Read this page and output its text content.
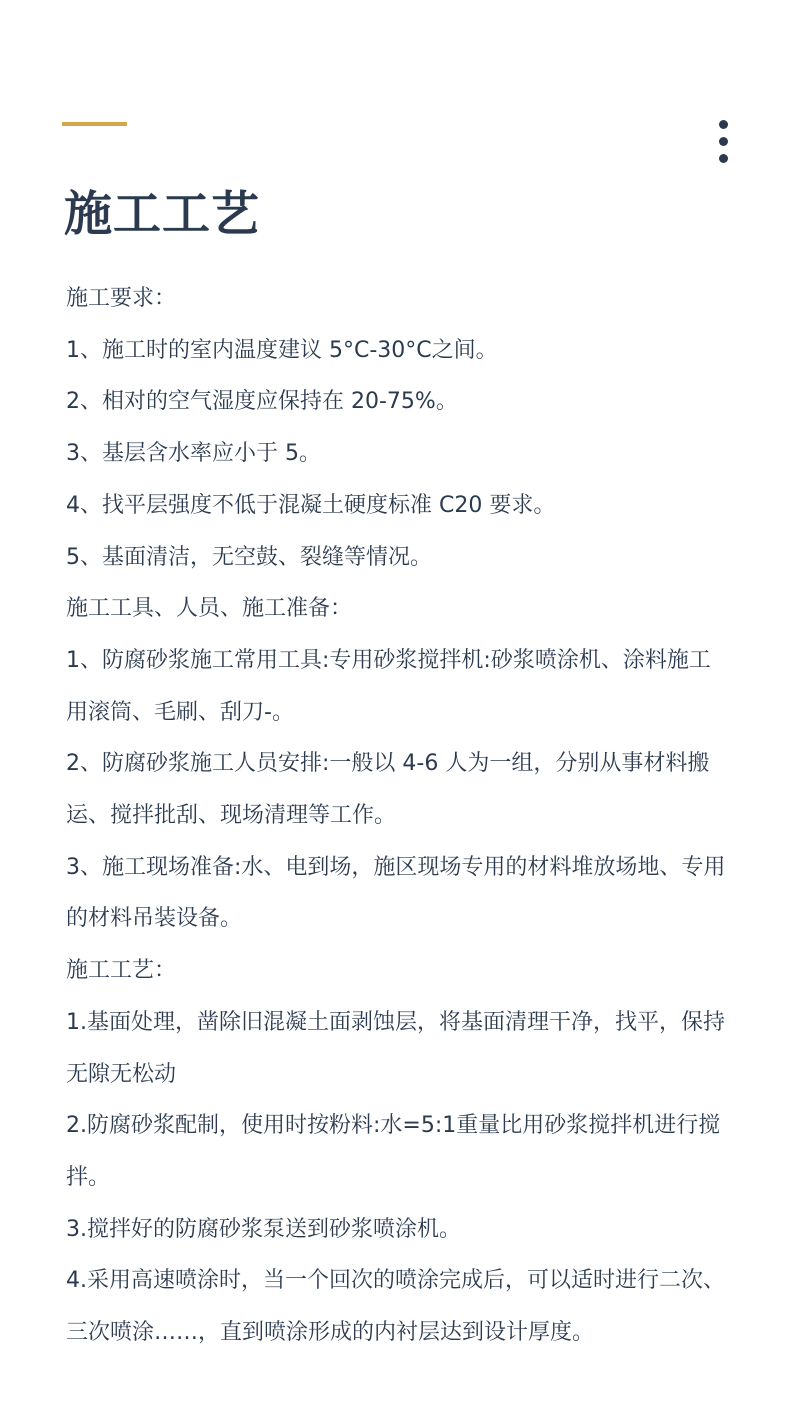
施工工艺

施工要求：

1、施工时的室内温度建议 5°C-30°C之间。

2、相对的空气湿度应保持在 20-75%。

3、基层含水率应小于 5。

4、找平层强度不低于混凝土硬度标准 C20 要求。

5、基面清洁，无空鼓、裂缝等情况。

施工工具、人员、施工准备：

1、防腐砂浆施工常用工具:专用砂浆搅拌机:砂浆喷涂机、涂料施工用滚筒、毛刷、刮刀-。

2、防腐砂浆施工人员安排:一般以 4-6 人为一组，分别从事材料搬运、搅拌批刮、现场清理等工作。

3、施工现场准备:水、电到场，施区现场专用的材料堆放场地、专用的材料吊装设备。

施工工艺：

1.基面处理，凿除旧混凝土面剥蚀层，将基面清理干净，找平，保持无隙无松动

2.防腐砂浆配制，使用时按粉料:水=5:1重量比用砂浆搅拌机进行搅拌。

3.搅拌好的防腐砂浆泵送到砂浆喷涂机。

4.采用高速喷涂时，当一个回次的喷涂完成后，可以适时进行二次、三次喷涂……，直到喷涂形成的内衬层达到设计厚度。
